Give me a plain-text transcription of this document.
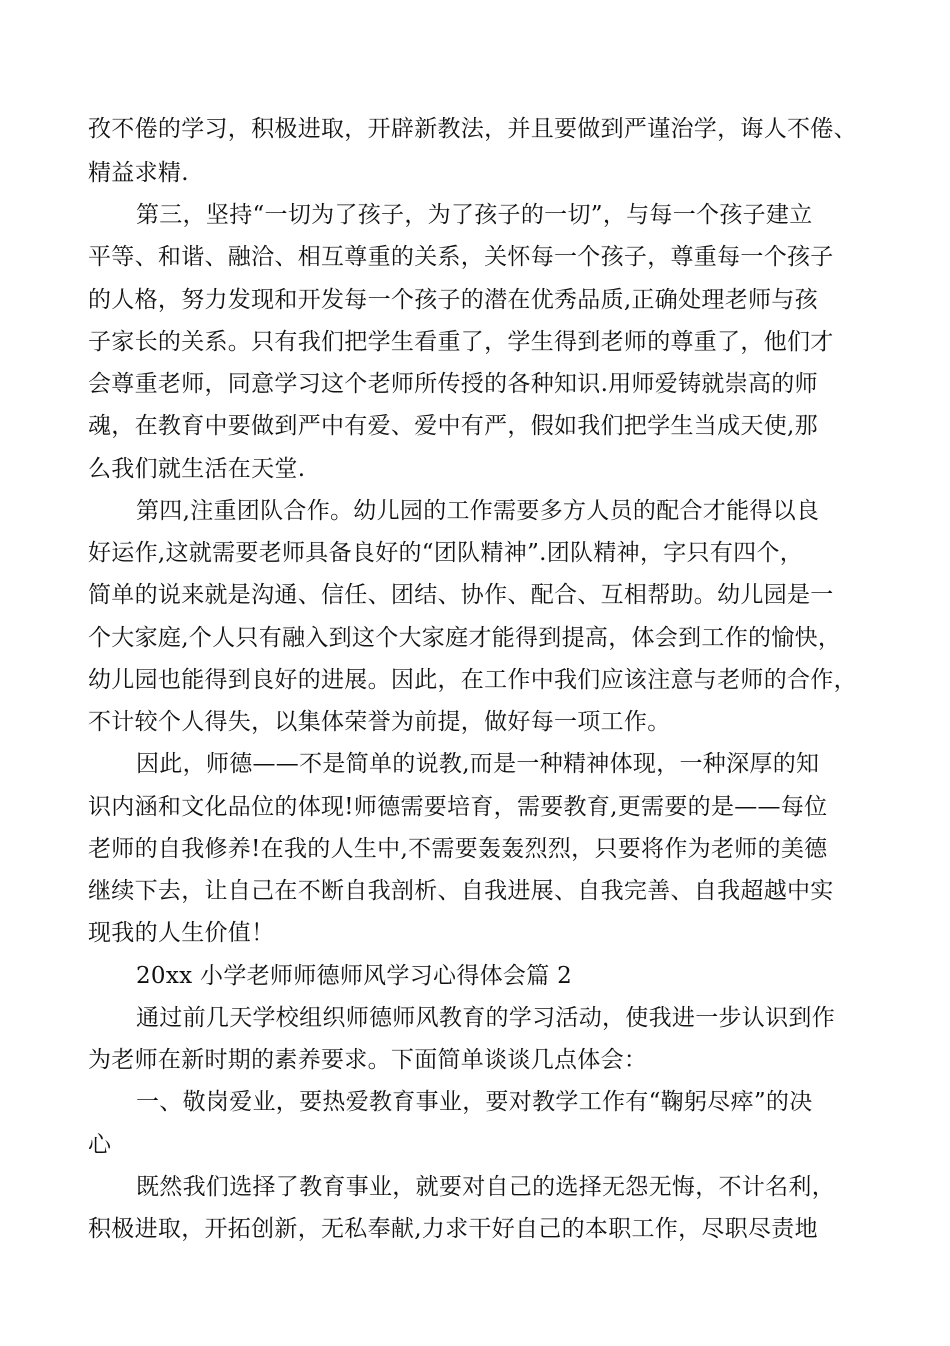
孜不倦的学习，积极进取，开辟新教法，并且要做到严谨治学，诲人不倦、
精益求精.
第三，坚持“一切为了孩子，为了孩子的一切”，与每一个孩子建立
平等、和谐、融洽、相互尊重的关系，关怀每一个孩子，尊重每一个孩子
的人格，努力发现和开发每一个孩子的潜在优秀品质,正确处理老师与孩
子家长的关系。只有我们把学生看重了，学生得到老师的尊重了，他们才
会尊重老师，同意学习这个老师所传授的各种知识.用师爱铸就崇高的师
魂，在教育中要做到严中有爱、爱中有严，假如我们把学生当成天使,那
么我们就生活在天堂.
第四,注重团队合作。幼儿园的工作需要多方人员的配合才能得以良
好运作,这就需要老师具备良好的“团队精神”.团队精神，字只有四个，
简单的说来就是沟通、信任、团结、协作、配合、互相帮助。幼儿园是一
个大家庭,个人只有融入到这个大家庭才能得到提高，体会到工作的愉快，
幼儿园也能得到良好的进展。因此，在工作中我们应该注意与老师的合作，
不计较个人得失，以集体荣誉为前提，做好每一项工作。
因此，师德——不是简单的说教,而是一种精神体现，一种深厚的知
识内涵和文化品位的体现!师德需要培育，需要教育,更需要的是——每位
老师的自我修养!在我的人生中,不需要轰轰烈烈，只要将作为老师的美德
继续下去，让自己在不断自我剖析、自我进展、自我完善、自我超越中实
现我的人生价值！
20xx 小学老师师德师风学习心得体会篇 2
通过前几天学校组织师德师风教育的学习活动，使我进一步认识到作
为老师在新时期的素养要求。下面简单谈谈几点体会：
一、敬岗爱业，要热爱教育事业，要对教学工作有“鞠躬尽瘁”的决
心
既然我们选择了教育事业，就要对自己的选择无怨无悔，不计名利，
积极进取，开拓创新，无私奉献,力求干好自己的本职工作，尽职尽责地
